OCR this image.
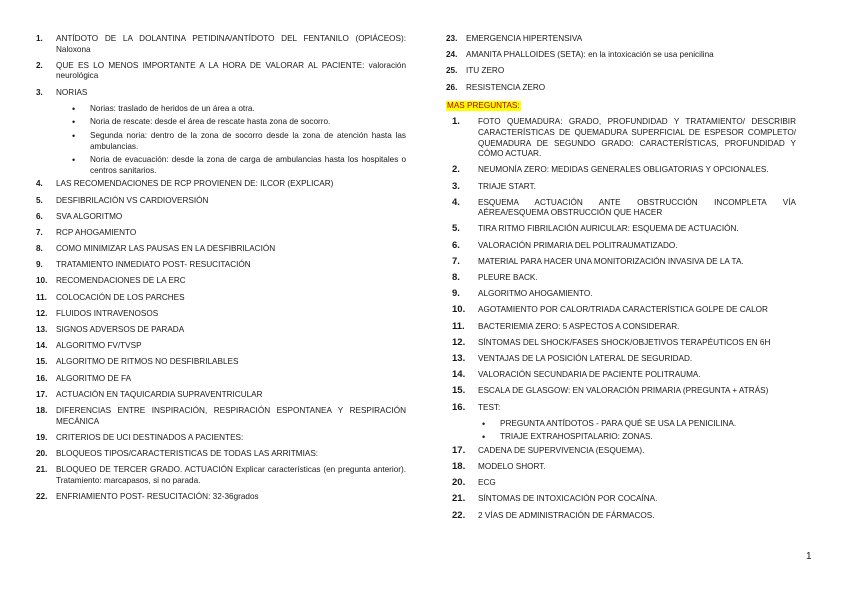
1.	ANTÍDOTO DE LA DOLANTINA PETIDINA/ANTÍDOTO DEL FENTANILO (OPIÁCEOS): Naloxona
2.	QUE ES LO MENOS IMPORTANTE A LA HORA DE VALORAR AL PACIENTE: valoración neurológica
3.	NORIAS
•	Norias: traslado de heridos de un área a otra.
•	Noria de rescate: desde el área de rescate hasta zona de socorro.
•	Segunda noria: dentro de la zona de socorro desde la zona de atención hasta las ambulancias.
•	Noria de evacuación: desde la zona de carga de ambulancias hasta los hospitales o centros sanitarios.
4.	LAS RECOMENDACIONES DE RCP PROVIENEN DE: ILCOR (EXPLICAR)
5.	DESFIBRILACIÓN VS CARDIOVERSIÓN
6.	SVA ALGORITMO
7.	RCP AHOGAMIENTO
8.	COMO MINIMIZAR LAS PAUSAS EN LA DESFIBRILACIÓN
9.	TRATAMIENTO INMEDIATO POST- RESUCITACIÓN
10.	RECOMENDACIONES DE LA ERC
11.	COLOCACIÓN DE LOS PARCHES
12.	FLUIDOS INTRAVENOSOS
13.	SIGNOS ADVERSOS DE PARADA
14.	ALGORITMO FV/TVSP
15.	ALGORITMO DE RITMOS NO DESFIBRILABLES
16.	ALGORITMO DE FA
17.	ACTUACIÓN EN TAQUICARDIA SUPRAVENTRICULAR
18.	DIFERENCIAS ENTRE INSPIRACIÓN, RESPIRACIÓN ESPONTANEA Y RESPIRACIÓN MECÁNICA
19.	CRITERIOS DE UCI DESTINADOS A PACIENTES:
20.	BLOQUEOS TIPOS/CARACTERISTICAS DE TODAS LAS ARRITMIAS:
21.	BLOQUEO DE TERCER GRADO. ACTUACIÓN Explicar características (en pregunta anterior). Tratamiento: marcapasos, si no parada.
22.	ENFRIAMIENTO POST- RESUCITACIÓN: 32-36grados
23.	EMERGENCIA HIPERTENSIVA
24.	AMANITA PHALLOIDES (SETA): en la intoxicación se usa penicilina
25.	ITU ZERO
26.	RESISTENCIA ZERO
MAS PREGUNTAS:
1.	FOTO QUEMADURA: GRADO, PROFUNDIDAD Y TRATAMIENTO/ DESCRIBIR CARACTERÍSTICAS DE QUEMADURA SUPERFICIAL DE ESPESOR COMPLETO/ QUEMADURA DE SEGUNDO GRADO: CARACTERÍSTICAS, PROFUNDIDAD Y CÓMO ACTUAR.
2.	NEUMONÍA ZERO: MEDIDAS GENERALES OBLIGATORIAS Y OPCIONALES.
3.	TRIAJE START.
4.	ESQUEMA ACTUACIÓN ANTE OBSTRUCCIÓN INCOMPLETA VÍA AÉREA/ESQUEMA OBSTRUCCIÓN QUE HACER
5.	TIRA RITMO FIBRILACIÓN AURICULAR: ESQUEMA DE ACTUACIÓN.
6.	VALORACIÓN PRIMARIA DEL POLITRAUMATIZADO.
7.	MATERIAL PARA HACER UNA MONITORIZACIÓN INVASIVA DE LA TA.
8.	PLEURE BACK.
9.	ALGORITMO AHOGAMIENTO.
10.	AGOTAMIENTO POR CALOR/TRIADA CARACTERÍSTICA GOLPE DE CALOR
11.	BACTERIEMIA ZERO: 5 ASPECTOS A CONSIDERAR.
12.	SÍNTOMAS DEL SHOCK/FASES SHOCK/OBJETIVOS TERAPÉUTICOS EN 6H
13.	VENTAJAS DE LA POSICIÓN LATERAL DE SEGURIDAD.
14.	VALORACIÓN SECUNDARIA DE PACIENTE POLITRAUMA.
15.	ESCALA DE GLASGOW: EN VALORACIÓN PRIMARIA (PREGUNTA + ATRÁS)
16.	TEST:
•	PREGUNTA ANTÍDOTOS - PARA QUÉ SE USA LA PENICILINA.
•	TRIAJE EXTRAHOSPITALARIO: ZONAS.
17.	CADENA DE SUPERVIVENCIA (ESQUEMA).
18.	MODELO SHORT.
20.	ECG
21.	SÍNTOMAS DE INTOXICACIÓN POR COCAÍNA.
22.	2 VÍAS DE ADMINISTRACIÓN DE FÁRMACOS.
1
